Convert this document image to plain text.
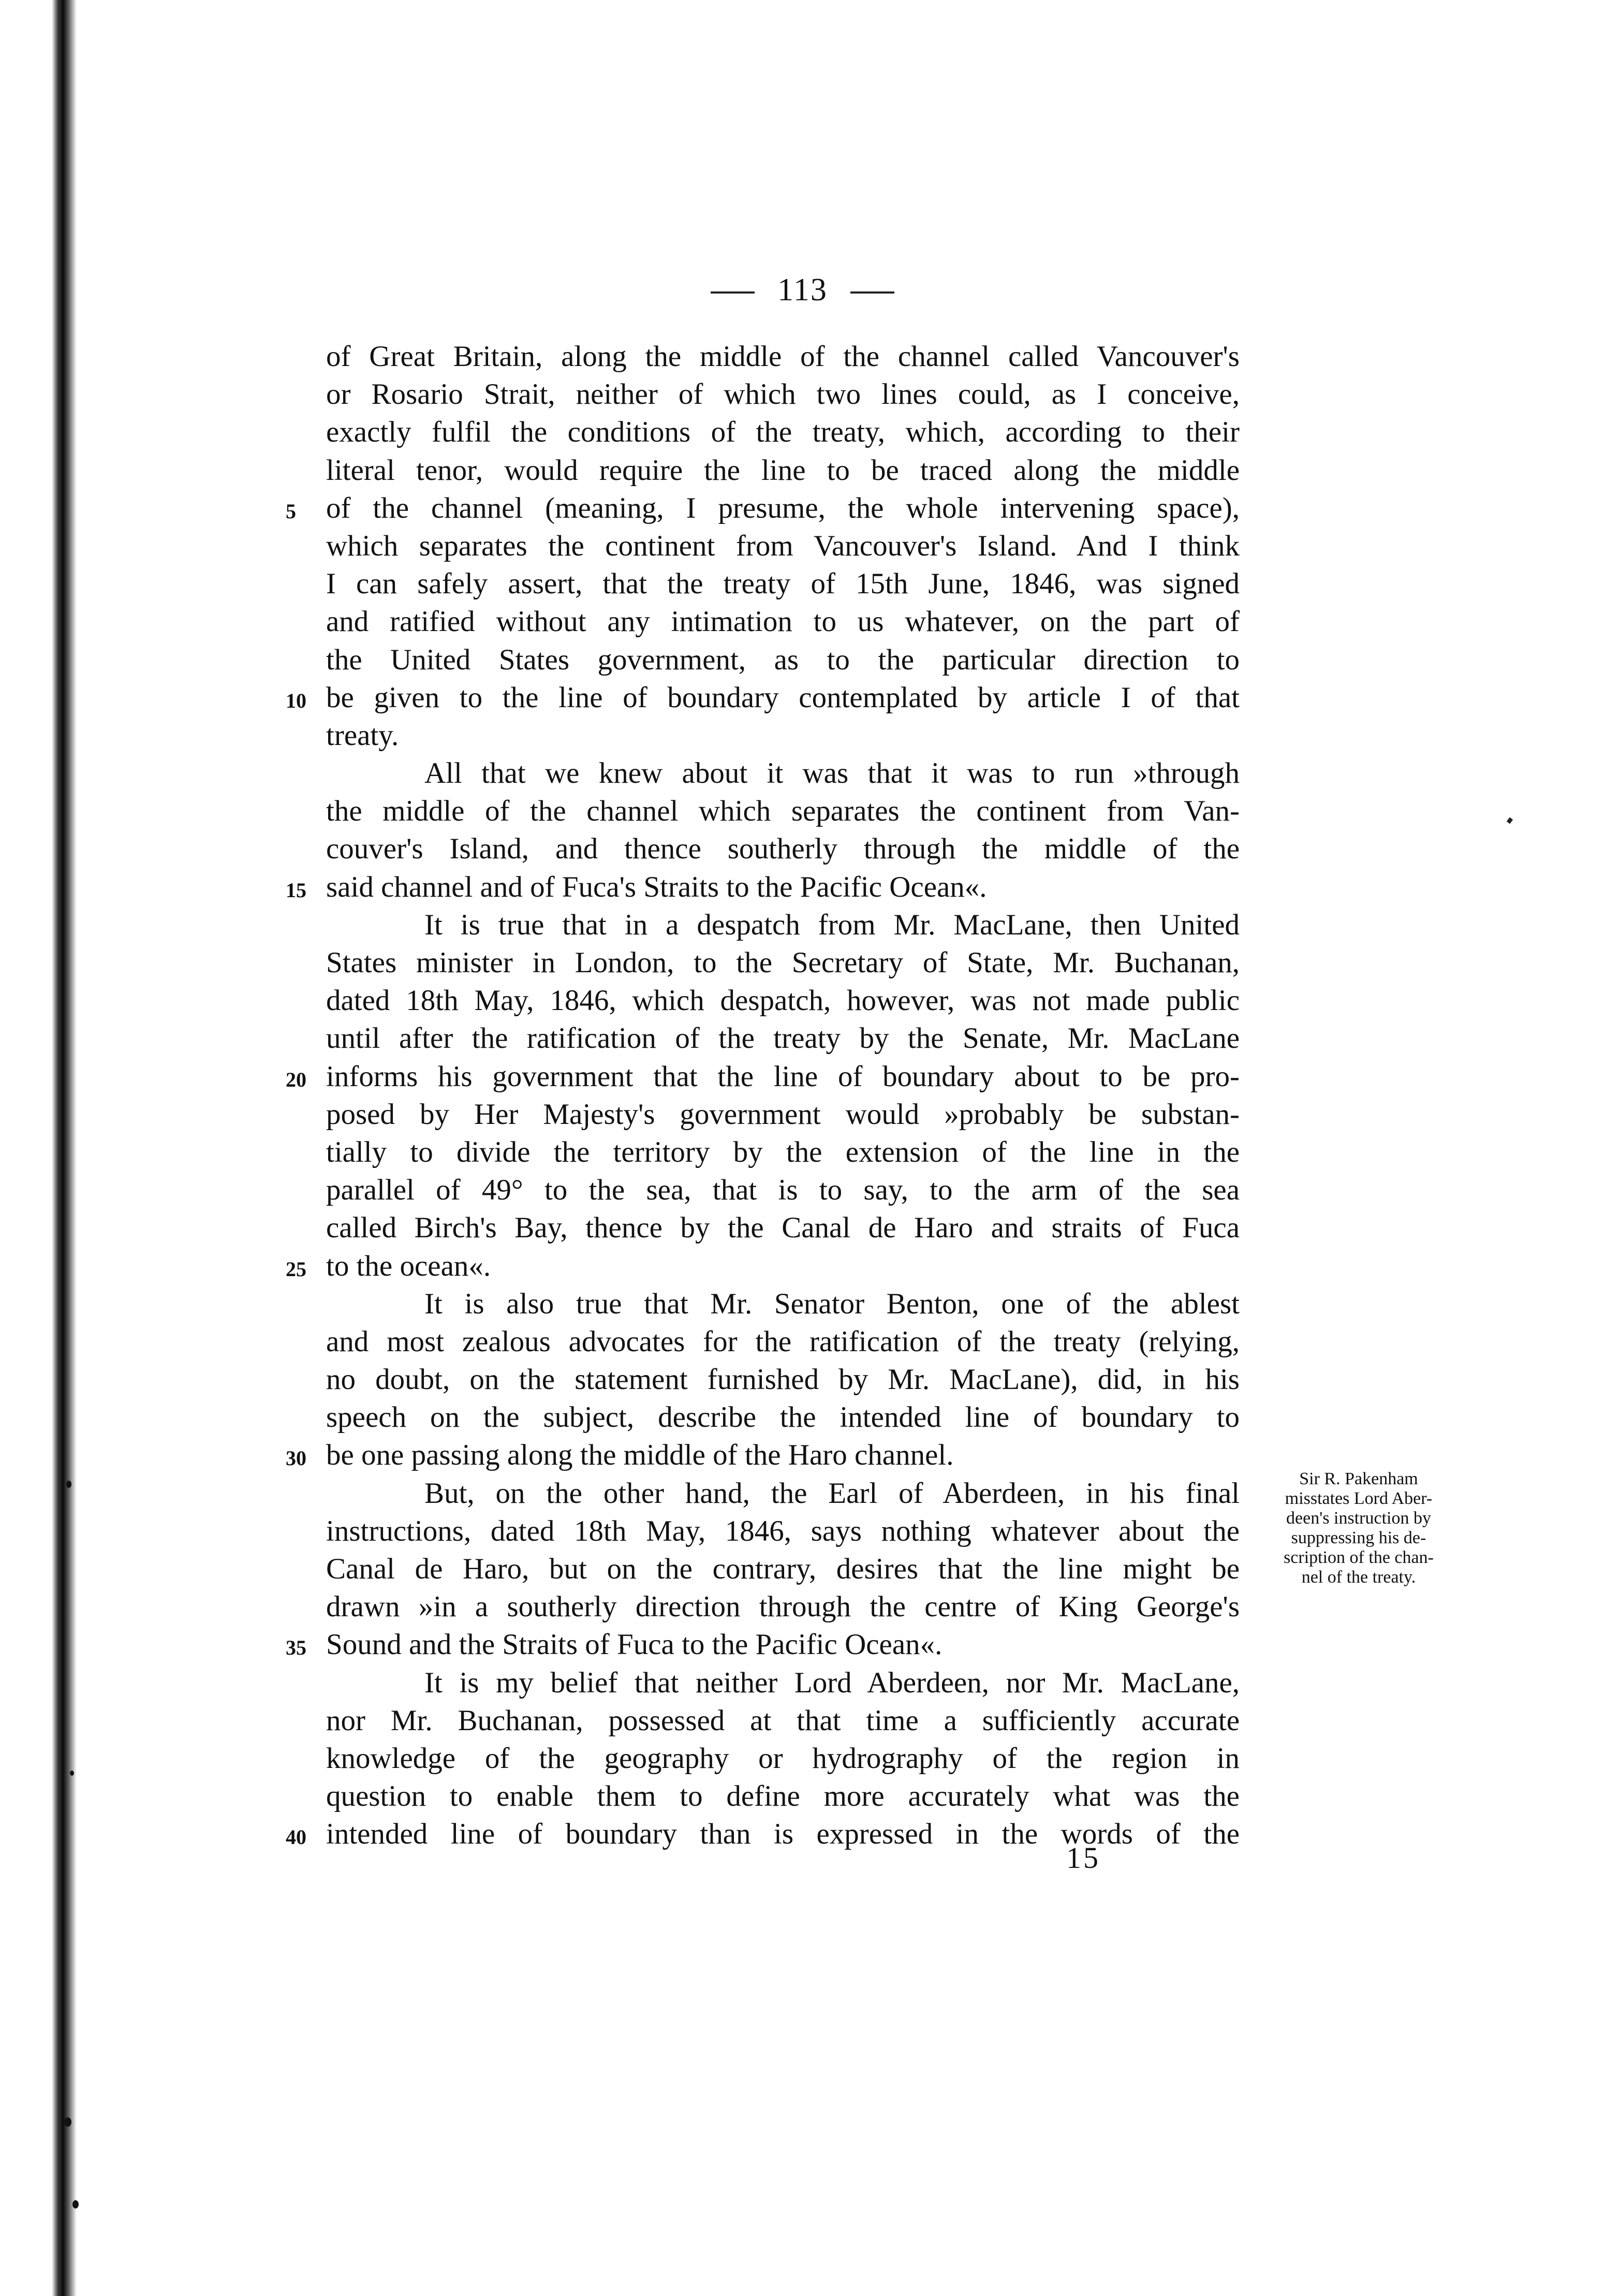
113
of Great Britain, along the middle of the channel called Vancouver's
or Rosario Strait, neither of which two lines could, as I conceive,
exactly fulfil the conditions of the treaty, which, according to their
literal tenor, would require the line to be traced along the middle
5	of the channel (meaning, I presume, the whole intervening space),
which separates the continent from Vancouver's Island. And I think
I can safely assert, that the treaty of 15th June, 1846, was signed
and ratified without any intimation to us whatever, on the part of
the United States government, as to the particular direction to
10 be given to the line of boundary contemplated by article I of that
treaty.
All that we knew about it was that it was to run »through
the middle of the channel which separates the continent from Van-
couver's Island, and thence southerly through the middle of the
15 said channel and of Fuca's Straits to the Pacific Ocean«.
It is true that in a despatch from Mr. MacLane, then United
States minister in London, to the Secretary of State, Mr. Buchanan,
dated 18th May, 1846, which despatch, however, was not made public
until after the ratification of the treaty by the Senate, Mr. MacLane
20 informs his government that the line of boundary about to be pro-
posed by Her Majesty's government would »probably be substan-
tially to divide the territory by the extension of the line in the
parallel of 49° to the sea, that is to say, to the arm of the sea
called Birch's Bay, thence by the Canal de Haro and straits of Fuca
25 to the ocean«.
It is also true that Mr. Senator Benton, one of the ablest
and most zealous advocates for the ratification of the treaty (relying,
no doubt, on the statement furnished by Mr. MacLane), did, in his
speech on the subject, describe the intended line of boundary to
30 be one passing along the middle of the Haro channel.
But, on the other hand, the Earl of Aberdeen, in his final
instructions, dated 18th May, 1846, says nothing whatever about the
Canal de Haro, but on the contrary, desires that the line might be
drawn »in a southerly direction through the centre of King George's
35 Sound and the Straits of Fuca to the Pacific Ocean«.
It is my belief that neither Lord Aberdeen, nor Mr. MacLane,
nor Mr. Buchanan, possessed at that time a sufficiently accurate
knowledge of the geography or hydrography of the region in
question to enable them to define more accurately what was the
40 intended line of boundary than is expressed in the words of the
Sir R. Pakenham
misstates Lord Aber-
deen's instruction by
suppressing his de-
scription of the chan-
nel of the treaty.
15
